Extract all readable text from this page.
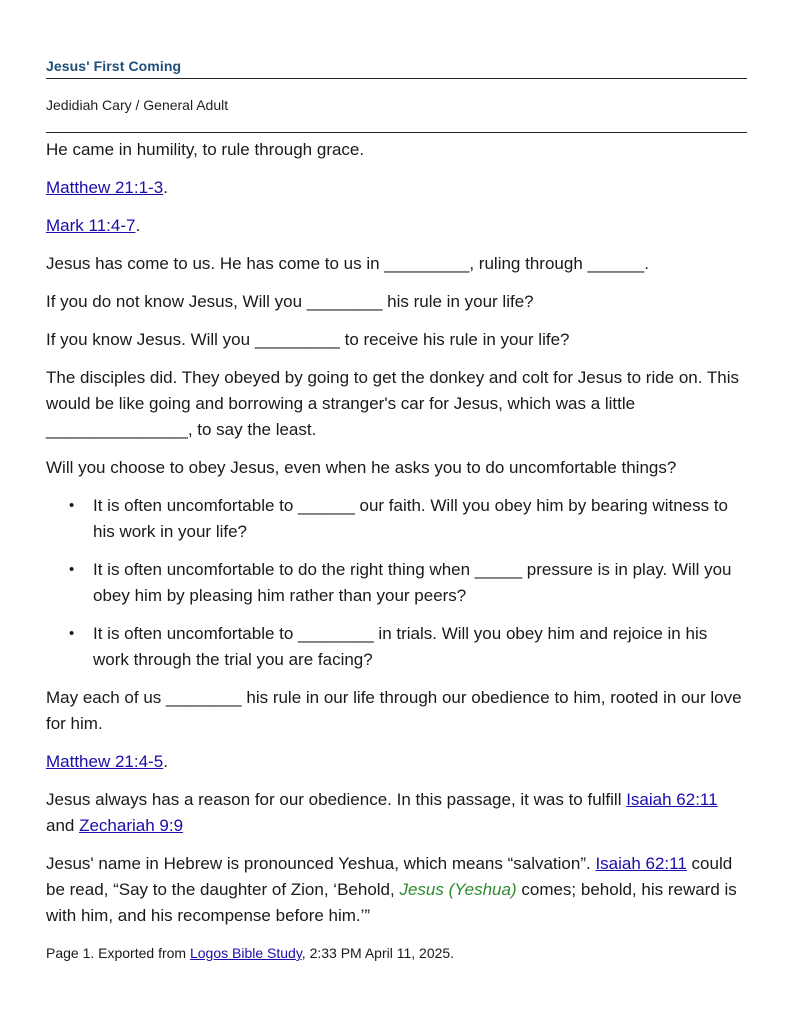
Jesus' First Coming
Jedidiah Cary / General Adult

He came in humility, to rule through grace.

Matthew 21:1-3.

Mark 11:4-7.

Jesus has come to us. He has come to us in _________, ruling through ______.

If you do not know Jesus, Will you ________ his rule in your life?

If you know Jesus. Will you _________ to receive his rule in your life?

The disciples did. They obeyed by going to get the donkey and colt for Jesus to ride on. This would be like going and borrowing a stranger's car for Jesus, which was a little _______________, to say the least.

Will you choose to obey Jesus, even when he asks you to do uncomfortable things?

• It is often uncomfortable to ______ our faith. Will you obey him by bearing witness to his work in your life?
• It is often uncomfortable to do the right thing when _____ pressure is in play. Will you obey him by pleasing him rather than your peers?
• It is often uncomfortable to ________ in trials. Will you obey him and rejoice in his work through the trial you are facing?

May each of us ________ his rule in our life through our obedience to him, rooted in our love for him.

Matthew 21:4-5.

Jesus always has a reason for our obedience. In this passage, it was to fulfill Isaiah 62:11 and Zechariah 9:9

Jesus' name in Hebrew is pronounced Yeshua, which means “salvation”. Isaiah 62:11 could be read, “Say to the daughter of Zion, ‘Behold, Jesus (Yeshua) comes; behold, his reward is with him, and his recompense before him.’”

Page 1. Exported from Logos Bible Study, 2:33 PM April 11, 2025.
